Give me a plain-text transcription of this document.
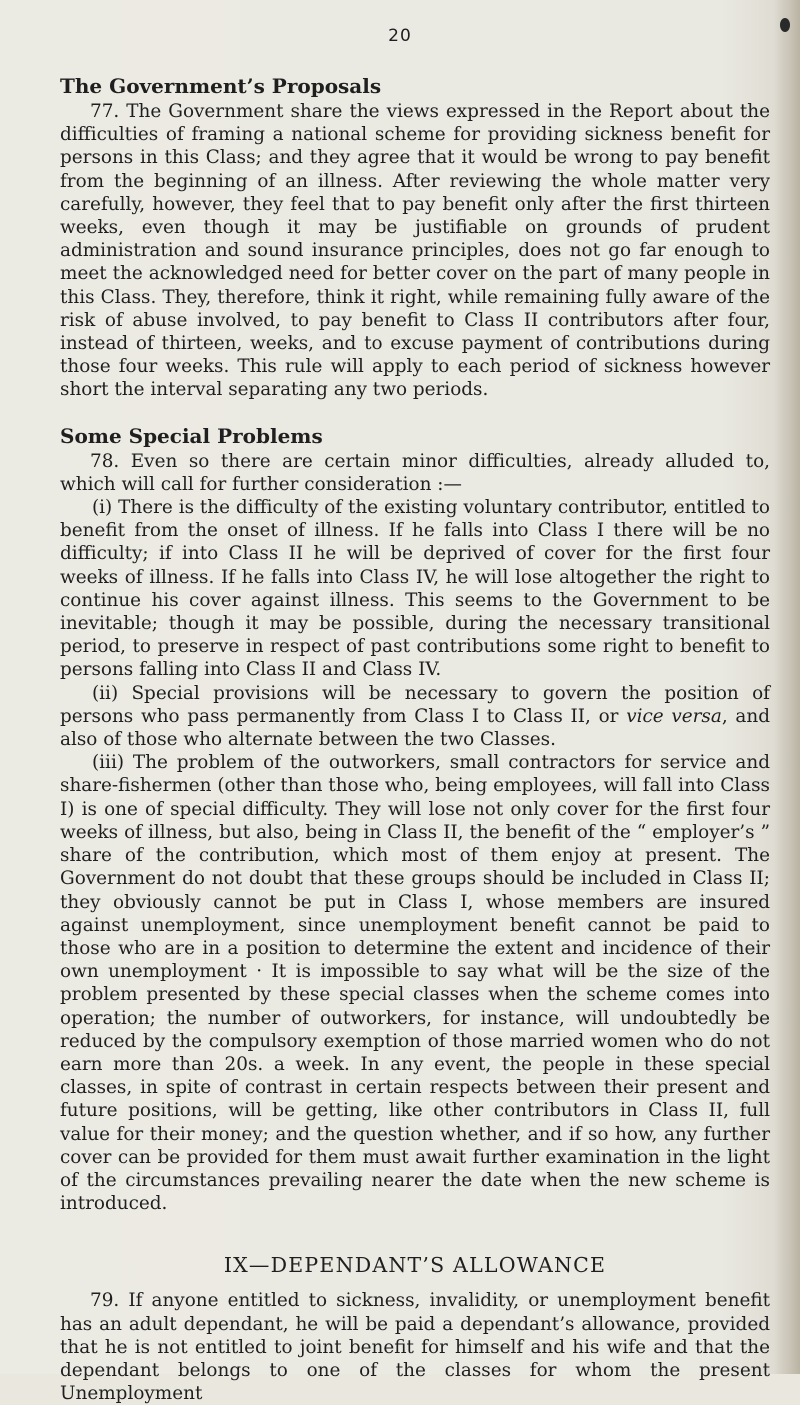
20
The Government’s Proposals

77. The Government share the views expressed in the Report about the difficulties of framing a national scheme for providing sickness benefit for persons in this Class; and they agree that it would be wrong to pay benefit from the beginning of an illness. After reviewing the whole matter very carefully, however, they feel that to pay benefit only after the first thirteen weeks, even though it may be justifiable on grounds of prudent administration and sound insurance principles, does not go far enough to meet the acknowledged need for better cover on the part of many people in this Class. They, therefore, think it right, while remaining fully aware of the risk of abuse involved, to pay benefit to Class II contributors after four, instead of thirteen, weeks, and to excuse payment of contributions during those four weeks. This rule will apply to each period of sickness however short the interval separating any two periods.

Some Special Problems

78. Even so there are certain minor difficulties, already alluded to, which will call for further consideration :—

(i) There is the difficulty of the existing voluntary contributor, entitled to benefit from the onset of illness. If he falls into Class I there will be no difficulty; if into Class II he will be deprived of cover for the first four weeks of illness. If he falls into Class IV, he will lose altogether the right to continue his cover against illness. This seems to the Government to be inevitable; though it may be possible, during the necessary transitional period, to preserve in respect of past contributions some right to benefit to persons falling into Class II and Class IV.

(ii) Special provisions will be necessary to govern the position of persons who pass permanently from Class I to Class II, or vice versa, and also of those who alternate between the two Classes.

(iii) The problem of the outworkers, small contractors for service and share-fishermen (other than those who, being employees, will fall into Class I) is one of special difficulty. They will lose not only cover for the first four weeks of illness, but also, being in Class II, the benefit of the “ employer’s ” share of the contribution, which most of them enjoy at present. The Government do not doubt that these groups should be included in Class II; they obviously cannot be put in Class I, whose members are insured against unemployment, since unemployment benefit cannot be paid to those who are in a position to determine the extent and incidence of their own unemployment · It is impossible to say what will be the size of the problem presented by these special classes when the scheme comes into operation; the number of outworkers, for instance, will undoubtedly be reduced by the compulsory exemption of those married women who do not earn more than 20s. a week. In any event, the people in these special classes, in spite of contrast in certain respects between their present and future positions, will be getting, like other contributors in Class II, full value for their money; and the question whether, and if so how, any further cover can be provided for them must await further examination in the light of the circumstances prevailing nearer the date when the new scheme is introduced.

IX—DEPENDANT’S ALLOWANCE

79. If anyone entitled to sickness, invalidity, or unemployment benefit has an adult dependant, he will be paid a dependant’s allowance, provided that he is not entitled to joint benefit for himself and his wife and that the dependant belongs to one of the classes for whom the present Unemployment
